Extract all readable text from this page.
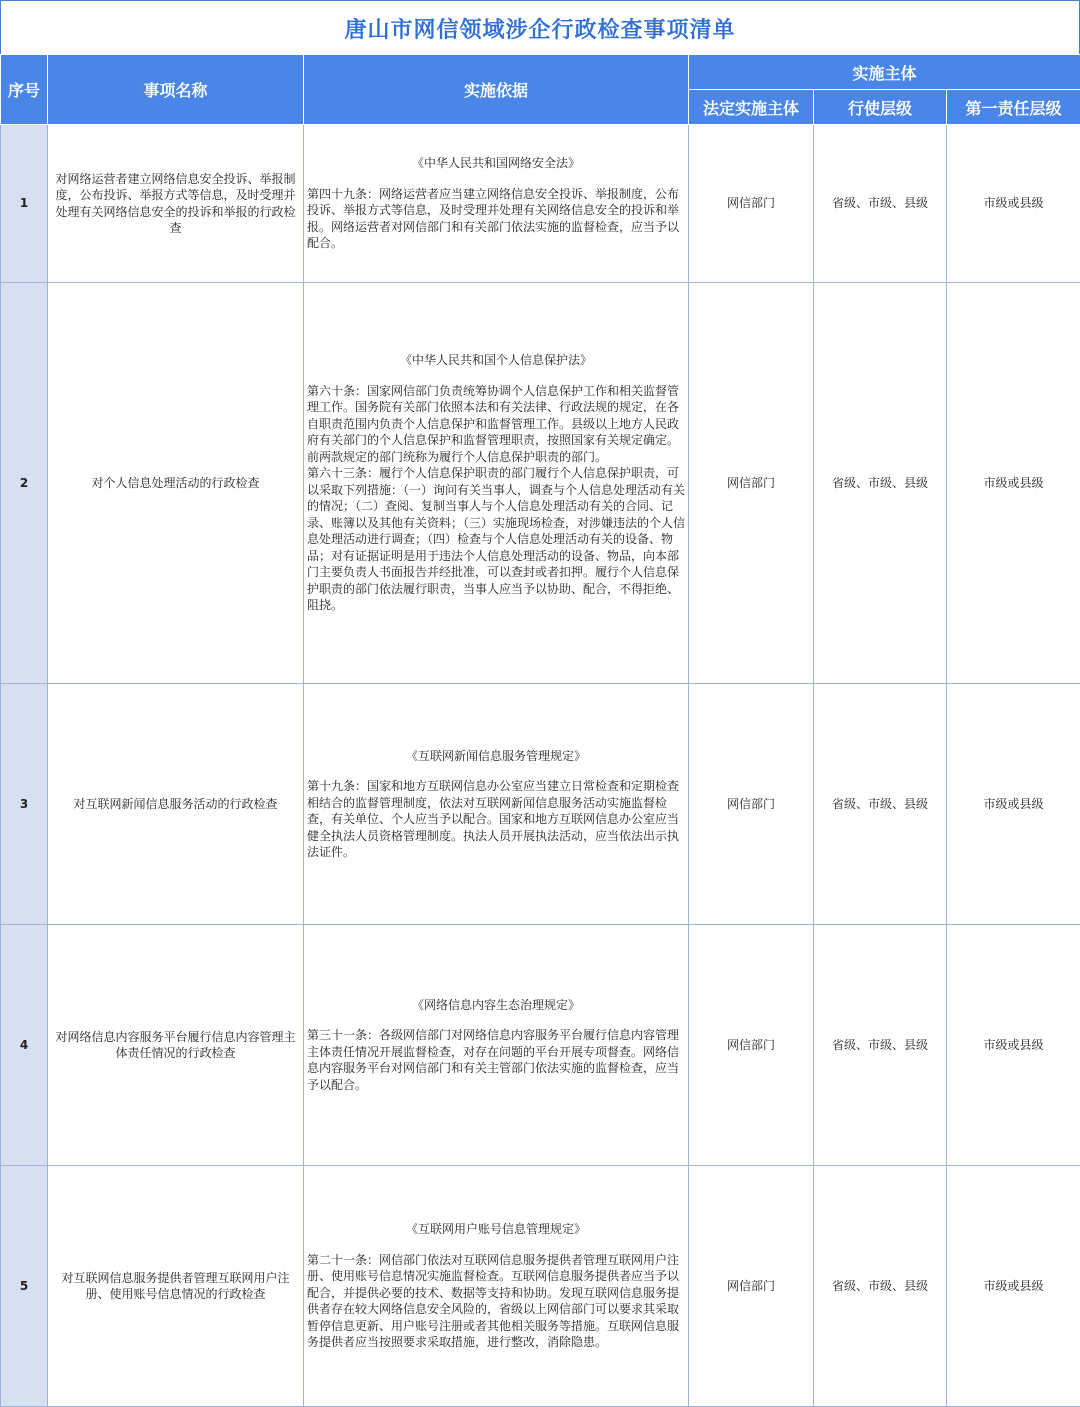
唐山市网信领域涉企行政检查事项清单
序号	事项名称	实施依据	实施主体		
			法定实施主体	行使层级	第一责任层级
1	对网络运营者建立网络信息安全投诉、举报制度，公布投诉、举报方式等信息，及时受理并处理有关网络信息安全的投诉和举报的行政检查	《中华人民共和国网络安全法》
第四十九条：网络运营者应当建立网络信息安全投诉、举报制度，公布投诉、举报方式等信息，及时受理并处理有关网络信息安全的投诉和举报。网络运营者对网信部门和有关部门依法实施的监督检查，应当予以配合。	网信部门	省级、市级、县级	市级或县级
2	对个人信息处理活动的行政检查	《中华人民共和国个人信息保护法》
第六十条：国家网信部门负责统筹协调个人信息保护工作和相关监督管理工作。国务院有关部门依照本法和有关法律、行政法规的规定，在各自职责范围内负责个人信息保护和监督管理工作。县级以上地方人民政府有关部门的个人信息保护和监督管理职责，按照国家有关规定确定。前两款规定的部门统称为履行个人信息保护职责的部门。
第六十三条：履行个人信息保护职责的部门履行个人信息保护职责，可以采取下列措施：（一）询问有关当事人，调查与个人信息处理活动有关的情况；（二）查阅、复制当事人与个人信息处理活动有关的合同、记录、账簿以及其他有关资料；（三）实施现场检查，对涉嫌违法的个人信息处理活动进行调查；（四）检查与个人信息处理活动有关的设备、物品；对有证据证明是用于违法个人信息处理活动的设备、物品，向本部门主要负责人书面报告并经批准，可以查封或者扣押。履行个人信息保护职责的部门依法履行职责，当事人应当予以协助、配合，不得拒绝、阻挠。	网信部门	省级、市级、县级	市级或县级
3	对互联网新闻信息服务活动的行政检查	《互联网新闻信息服务管理规定》
第十九条：国家和地方互联网信息办公室应当建立日常检查和定期检查相结合的监督管理制度，依法对互联网新闻信息服务活动实施监督检查，有关单位、个人应当予以配合。国家和地方互联网信息办公室应当健全执法人员资格管理制度。执法人员开展执法活动，应当依法出示执法证件。	网信部门	省级、市级、县级	市级或县级
4	对网络信息内容服务平台履行信息内容管理主体责任情况的行政检查	《网络信息内容生态治理规定》
第三十一条：各级网信部门对网络信息内容服务平台履行信息内容管理主体责任情况开展监督检查，对存在问题的平台开展专项督查。网络信息内容服务平台对网信部门和有关主管部门依法实施的监督检查，应当予以配合。	网信部门	省级、市级、县级	市级或县级
5	对互联网信息服务提供者管理互联网用户注册、使用账号信息情况的行政检查	《互联网用户账号信息管理规定》
第二十一条：网信部门依法对互联网信息服务提供者管理互联网用户注册、使用账号信息情况实施监督检查。互联网信息服务提供者应当予以配合，并提供必要的技术、数据等支持和协助。发现互联网信息服务提供者存在较大网络信息安全风险的，省级以上网信部门可以要求其采取暂停信息更新、用户账号注册或者其他相关服务等措施。互联网信息服务提供者应当按照要求采取措施，进行整改，消除隐患。	网信部门	省级、市级、县级	市级或县级
